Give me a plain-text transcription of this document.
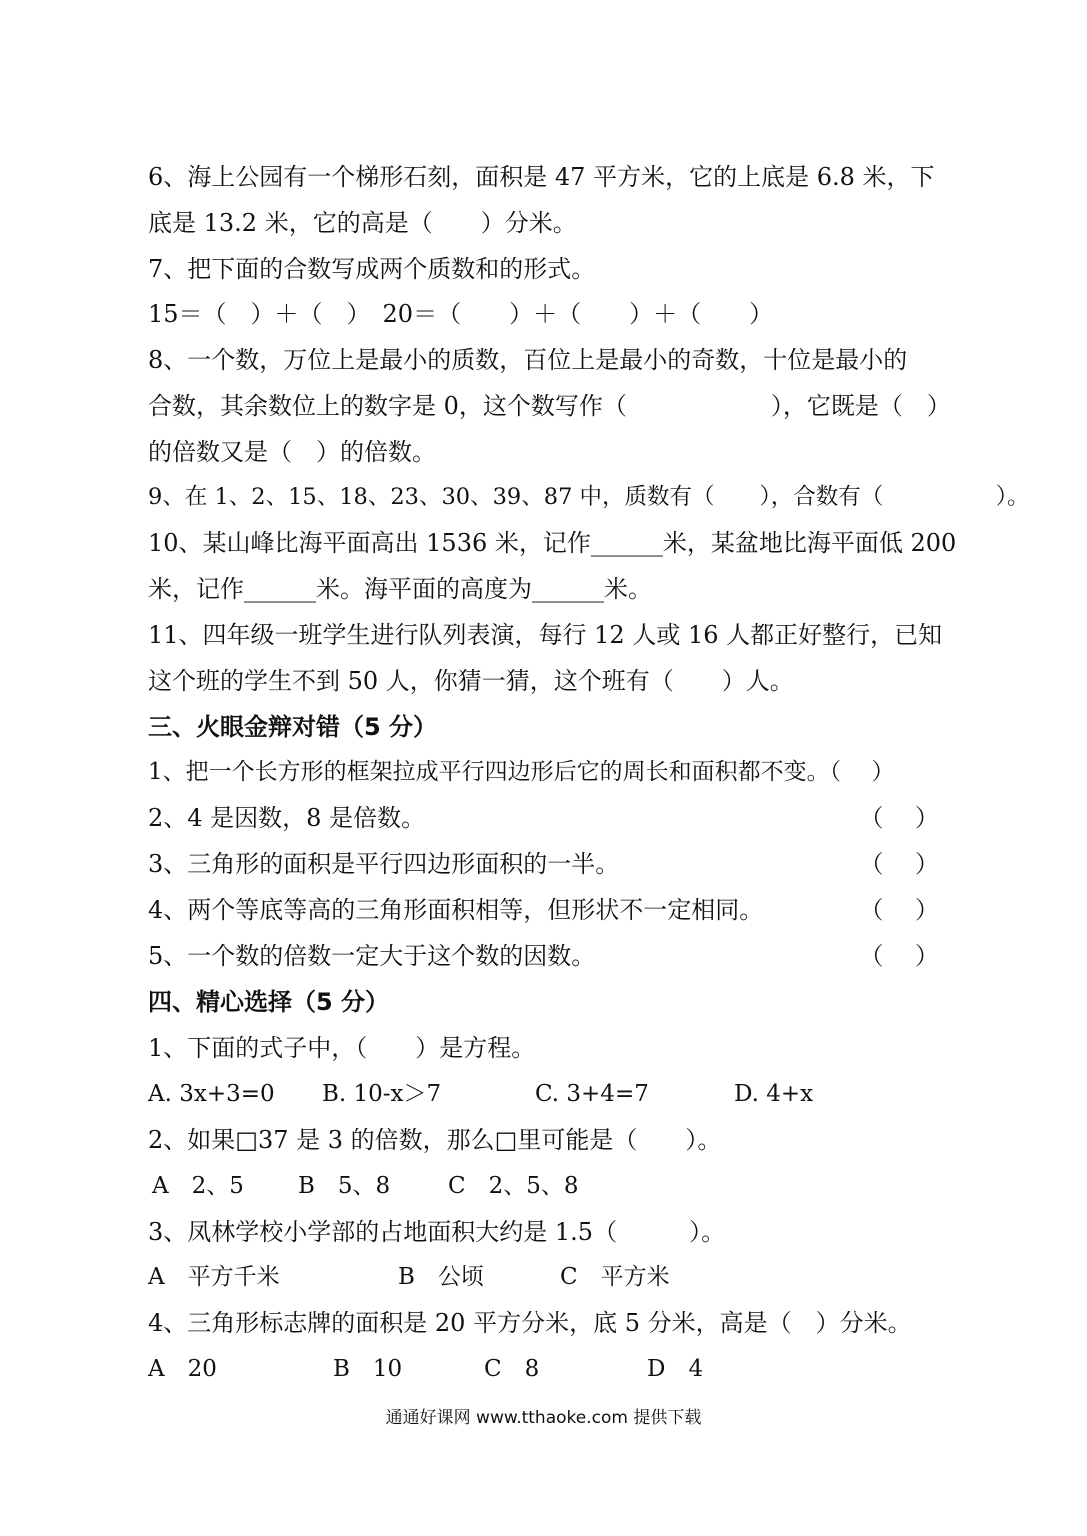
6、海上公园有一个梯形石刻，面积是 47 平方米，它的上底是 6.8 米，下
底是 13.2 米，它的高是（　　）分米。
7、把下面的合数写成两个质数和的形式。
15＝（　）＋（　）　20＝（　　）＋（　　）＋（　　）
8、一个数，万位上是最小的质数，百位上是最小的奇数，十位是最小的
合数，其余数位上的数字是 0，这个数写作（　　　　　　），它既是（　）
的倍数又是（　）的倍数。
9、在 1、2、15、18、23、30、39、87 中，质数有（　　），合数有（　　　　　）。
10、某山峰比海平面高出 1536 米，记作______米，某盆地比海平面低 200
米，记作______米。海平面的高度为______米。
11、四年级一班学生进行队列表演，每行 12 人或 16 人都正好整行，已知
这个班的学生不到 50 人，你猜一猜，这个班有（　　）人。
三、火眼金辩对错（5 分）
1、把一个长方形的框架拉成平行四边形后它的周长和面积都不变。（　 ）
2、4 是因数，8 是倍数。	（　 ）
3、三角形的面积是平行四边形面积的一半。	（　 ）
4、两个等底等高的三角形面积相等，但形状不一定相同。	（　 ）
5、一个数的倍数一定大于这个数的因数。	（　 ）
四、精心选择（5 分）
1、下面的式子中，（　　）是方程。
A. 3x+3=0 B. 10-x＞7	C. 3+4=7	D. 4+x
2、如果□37 是 3 的倍数，那么□里可能是（　　）。
A　2、5 B　5、8	C　2、5、8
3、凤林学校小学部的占地面积大约是 1.5（　　　）。
A　平方千米	B　公顷	C　平方米
4、三角形标志牌的面积是 20 平方分米，底 5 分米，高是（　）分米。
A　20	B　10	C　8	D　4
通通好课网 www.tthaoke.com 提供下载
